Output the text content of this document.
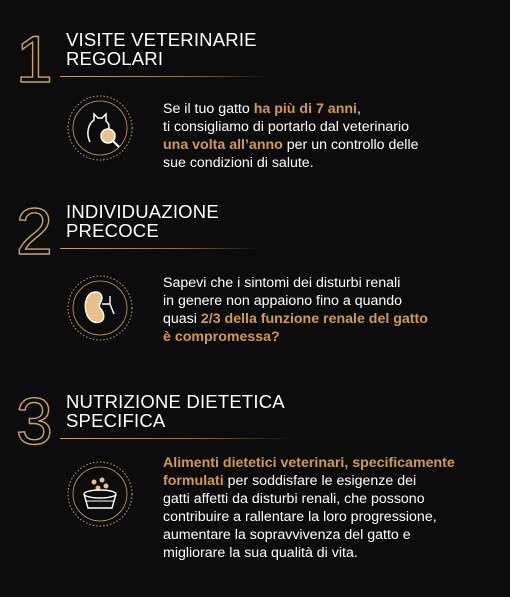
1 VISITE VETERINARIE
REGOLARI
Se il tuo gatto ha più di 7 anni,
ti consigliamo di portarlo dal veterinario
una volta all’anno per un controllo delle
sue condizioni di salute.
2 INDIVIDUAZIONE
PRECOCE
Sapevi che i sintomi dei disturbi renali
in genere non appaiono fino a quando
quasi 2/3 della funzione renale del gatto
è compromessa?
3 NUTRIZIONE DIETETICA
SPECIFICA
Alimenti dietetici veterinari, specificamente
formulati per soddisfare le esigenze dei
gatti affetti da disturbi renali, che possono
contribuire a rallentare la loro progressione,
aumentare la sopravvivenza del gatto e
migliorare la sua qualità di vita.
